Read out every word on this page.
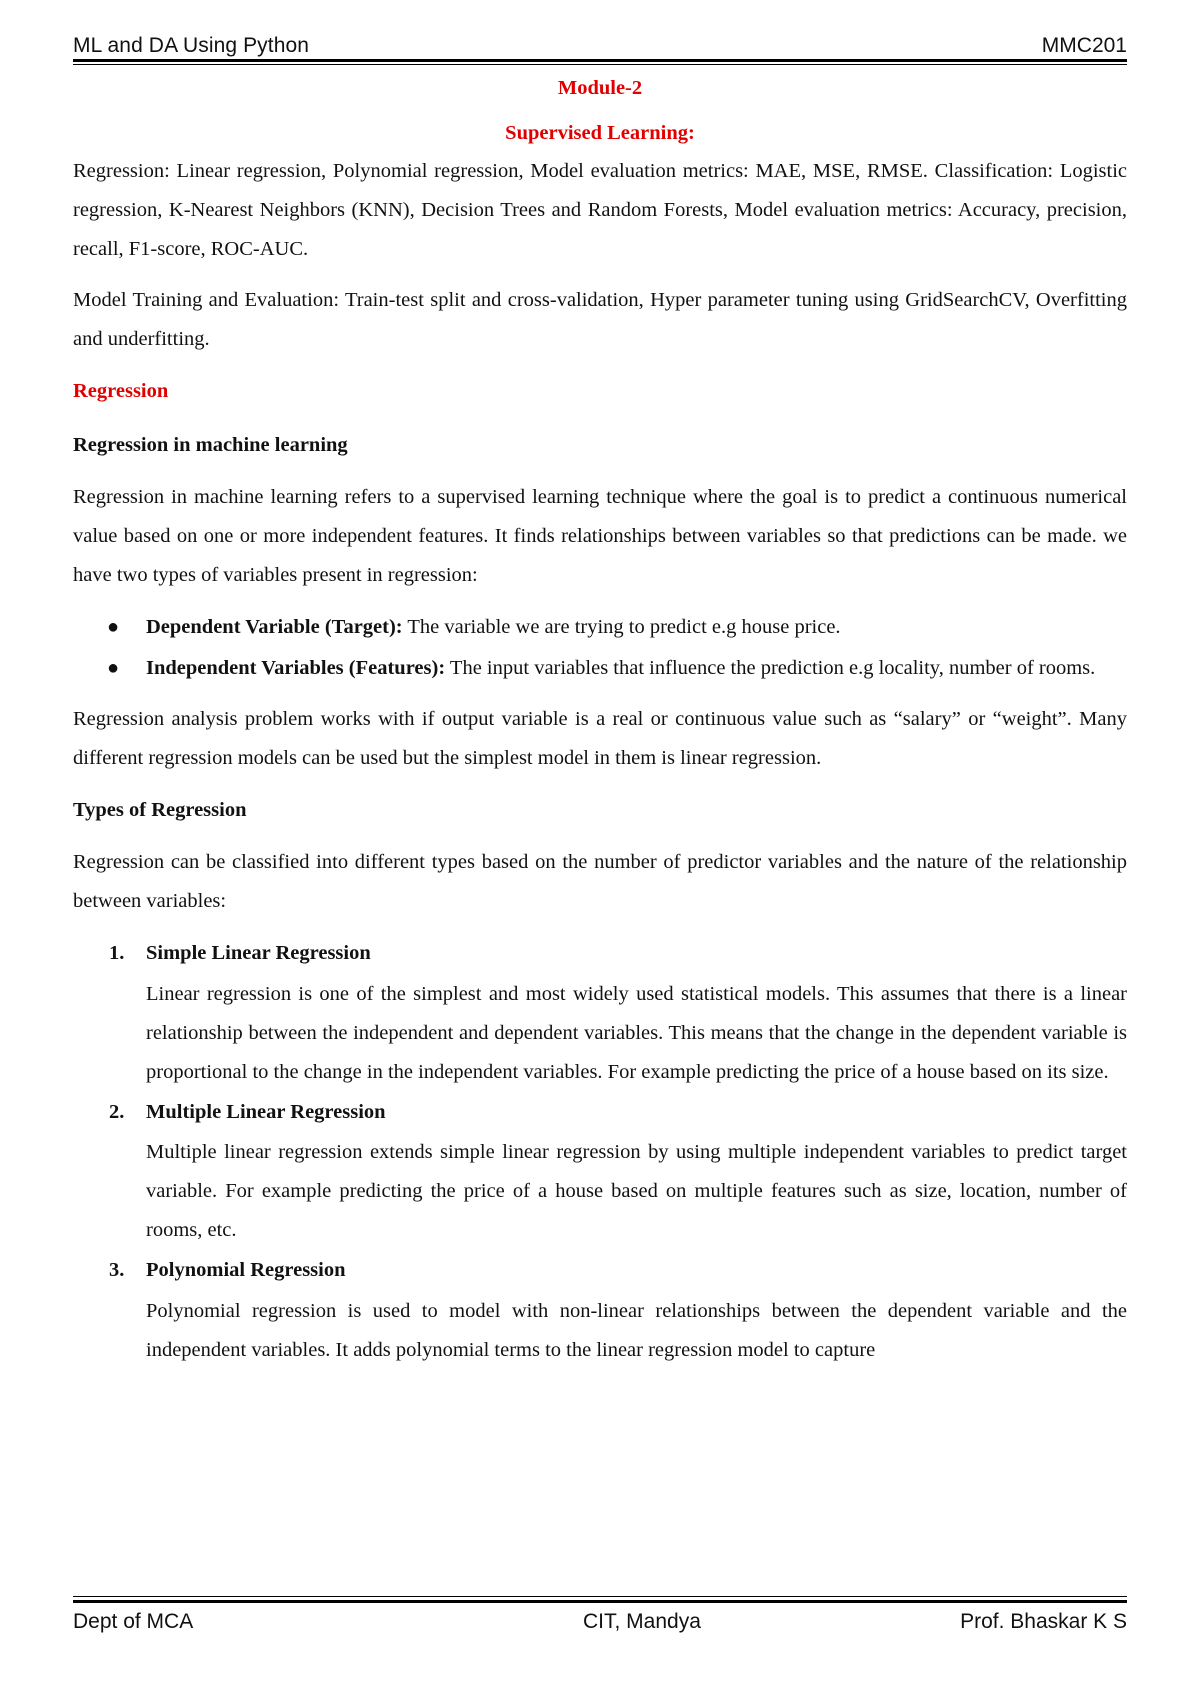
ML and DA Using Python	MMC201
Module-2
Supervised Learning:

Regression: Linear regression, Polynomial regression, Model evaluation metrics: MAE, MSE, RMSE. Classification: Logistic regression, K-Nearest Neighbors (KNN), Decision Trees and Random Forests, Model evaluation metrics: Accuracy, precision, recall, F1-score, ROC-AUC.

Model Training and Evaluation: Train-test split and cross-validation, Hyper parameter tuning using GridSearchCV, Overfitting and underfitting.

Regression

Regression in machine learning

Regression in machine learning refers to a supervised learning technique where the goal is to predict a continuous numerical value based on one or more independent features. It finds relationships between variables so that predictions can be made. we have two types of variables present in regression:

● Dependent Variable (Target): The variable we are trying to predict e.g house price.
● Independent Variables (Features): The input variables that influence the prediction e.g locality, number of rooms.

Regression analysis problem works with if output variable is a real or continuous value such as “salary” or “weight”. Many different regression models can be used but the simplest model in them is linear regression.

Types of Regression

Regression can be classified into different types based on the number of predictor variables and the nature of the relationship between variables:

1. Simple Linear Regression
Linear regression is one of the simplest and most widely used statistical models. This assumes that there is a linear relationship between the independent and dependent variables. This means that the change in the dependent variable is proportional to the change in the independent variables. For example predicting the price of a house based on its size.
2. Multiple Linear Regression
Multiple linear regression extends simple linear regression by using multiple independent variables to predict target variable. For example predicting the price of a house based on multiple features such as size, location, number of rooms, etc.
3. Polynomial Regression
Polynomial regression is used to model with non-linear relationships between the dependent variable and the independent variables. It adds polynomial terms to the linear regression model to capture
Dept of MCA	CIT, Mandya	Prof. Bhaskar K S
